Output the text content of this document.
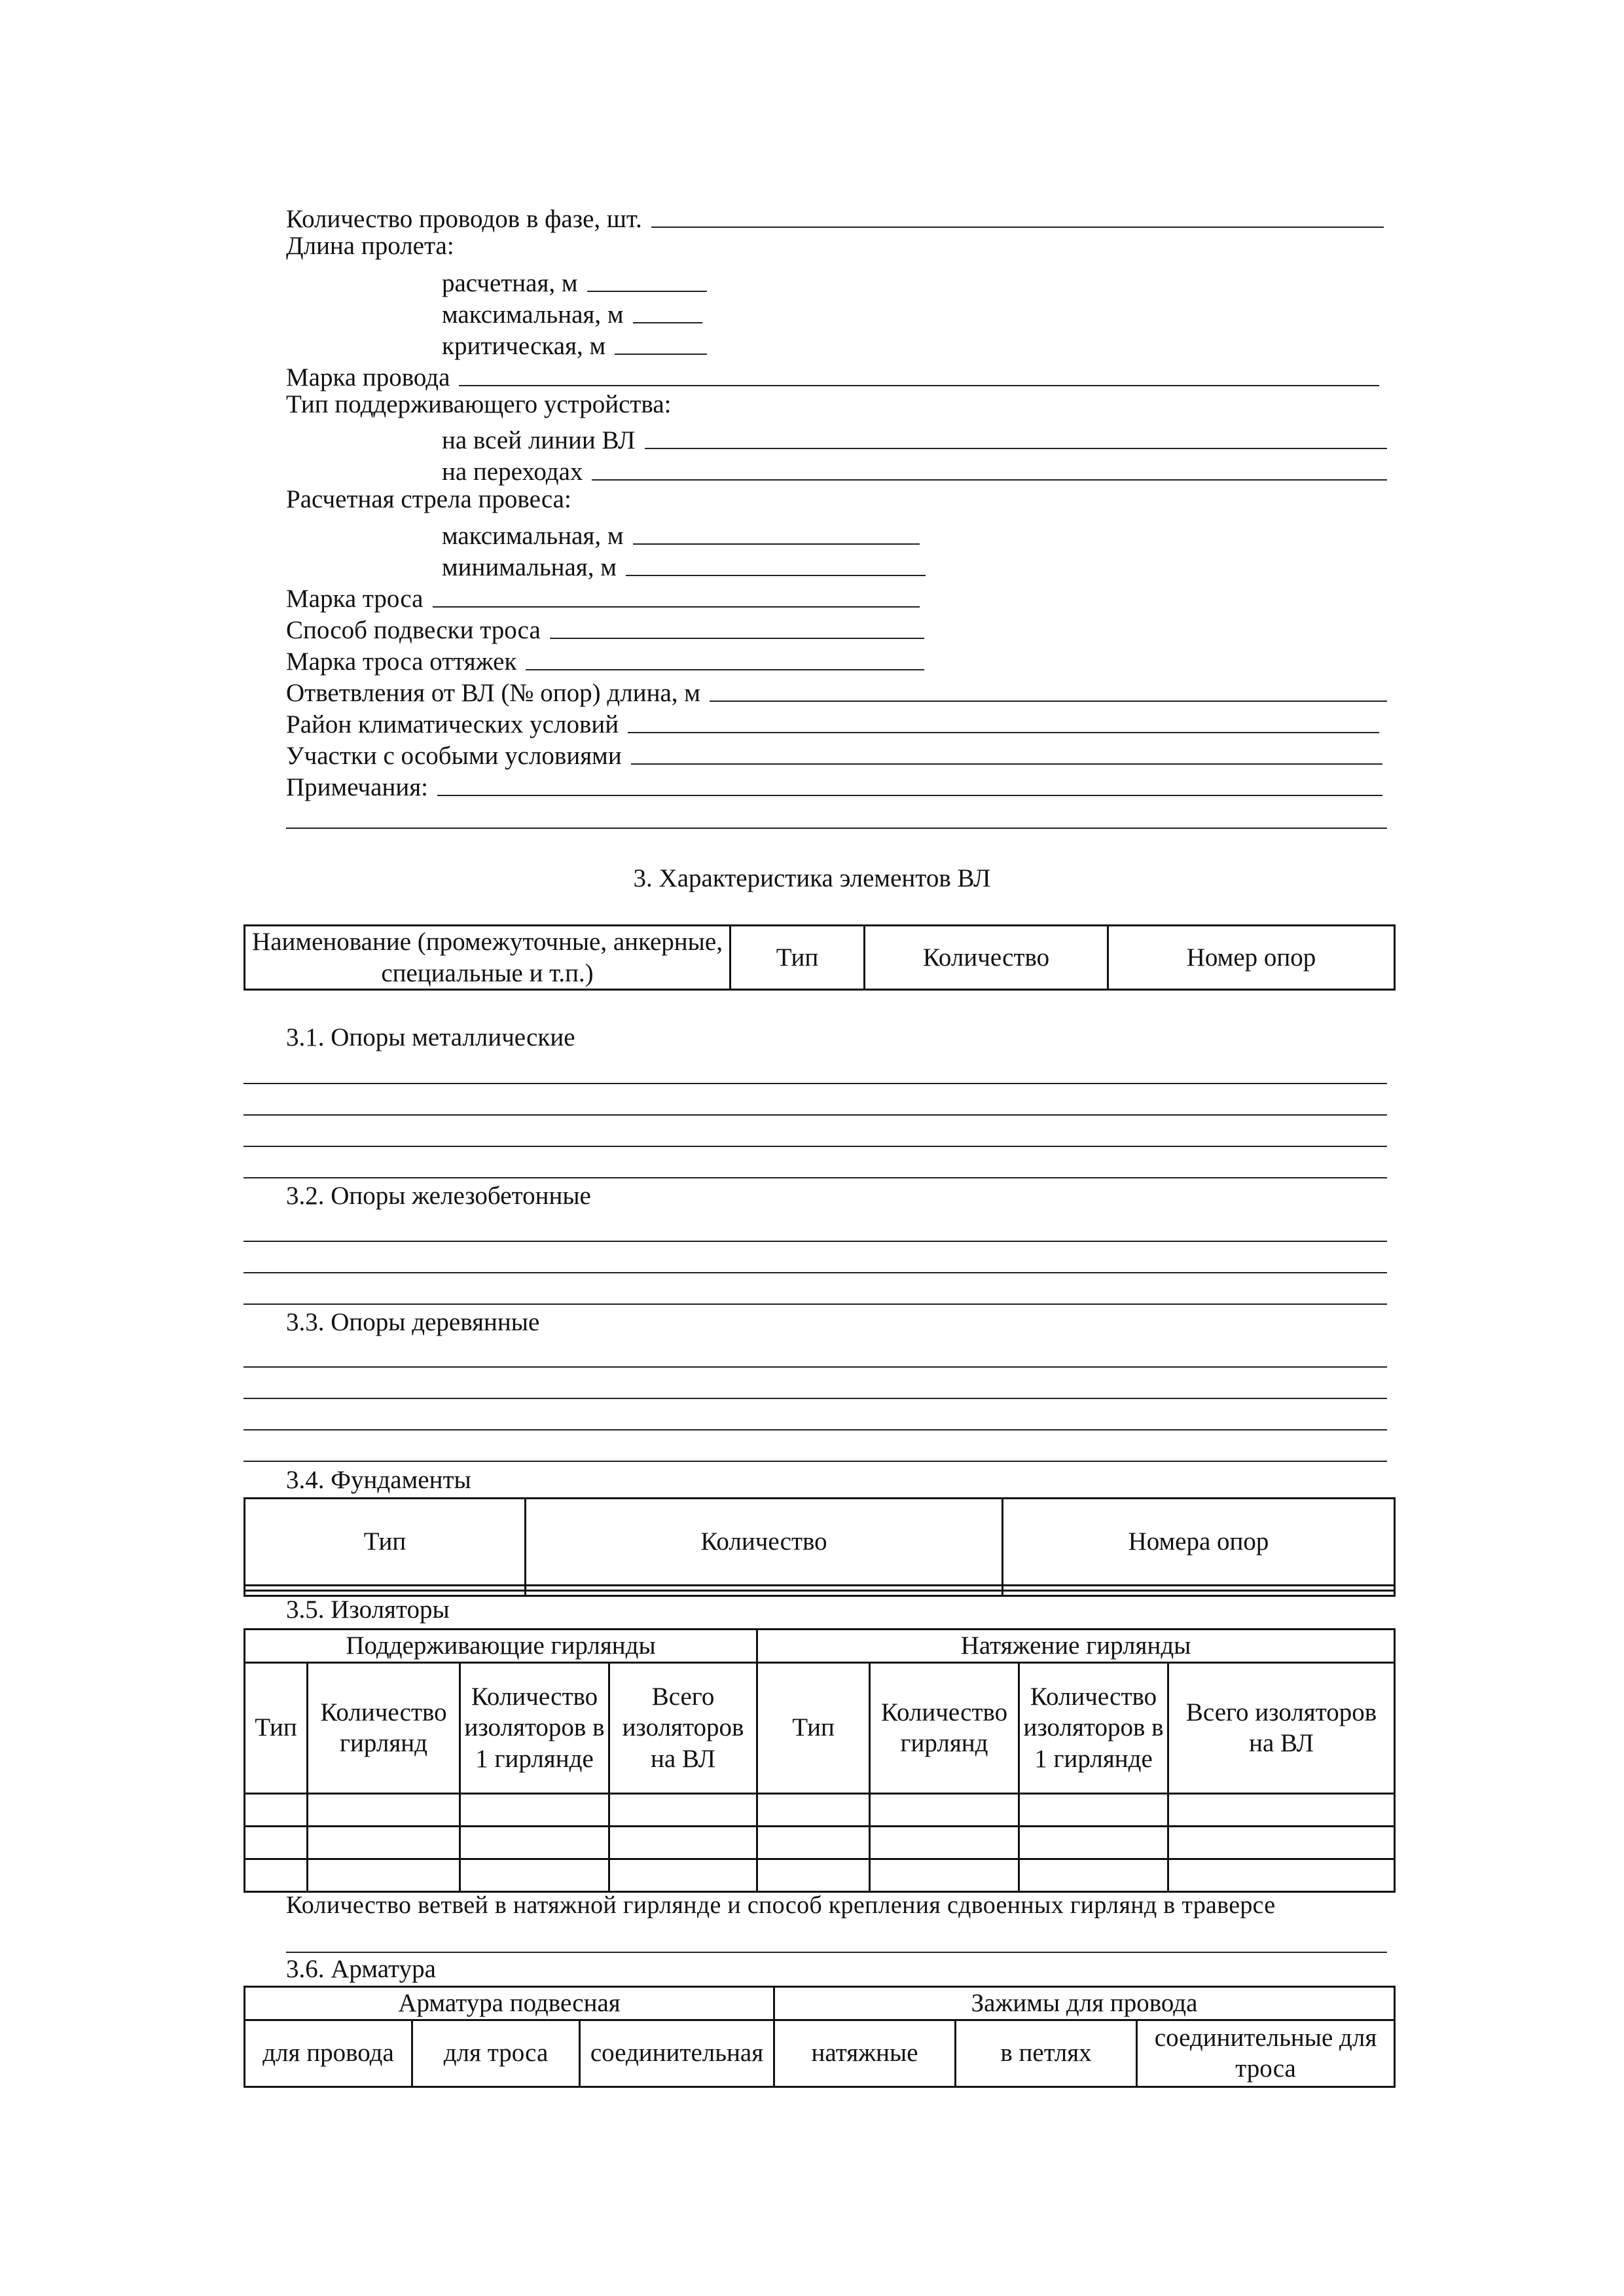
Количество проводов в фазе, шт.
Длина пролета:
расчетная, м
максимальная, м
критическая, м
Марка провода
Тип поддерживающего устройства:
на всей линии ВЛ
на переходах
Расчетная стрела провеса:
максимальная, м
минимальная, м
Марка троса
Способ подвески троса
Марка троса оттяжек
Ответвления от ВЛ (№ опор) длина, м
Район климатических условий
Участки с особыми условиями
Примечания:
3. Характеристика элементов ВЛ
Наименование (промежуточные, анкерные, специальные и т.п.)	Тип	Количество	Номер опор
3.1. Опоры металлические
3.2. Опоры железобетонные
3.3. Опоры деревянные
3.4. Фундаменты
Тип	Количество	Номера опор

3.5. Изоляторы
Поддерживающие гирлянды				Натяжение гирлянды			
Тип	Количество гирлянд	Количество изоляторов в 1 гирлянде	Всего изоляторов на ВЛ	Тип	Количество гирлянд	Количество изоляторов в 1 гирлянде	Всего изоляторов на ВЛ

Количество ветвей в натяжной гирлянде и способ крепления сдвоенных гирлянд в траверсе
3.6. Арматура
Арматура подвесная			Зажимы для провода		
для провода	для троса	соединительная	натяжные	в петлях	соединительные для троса
